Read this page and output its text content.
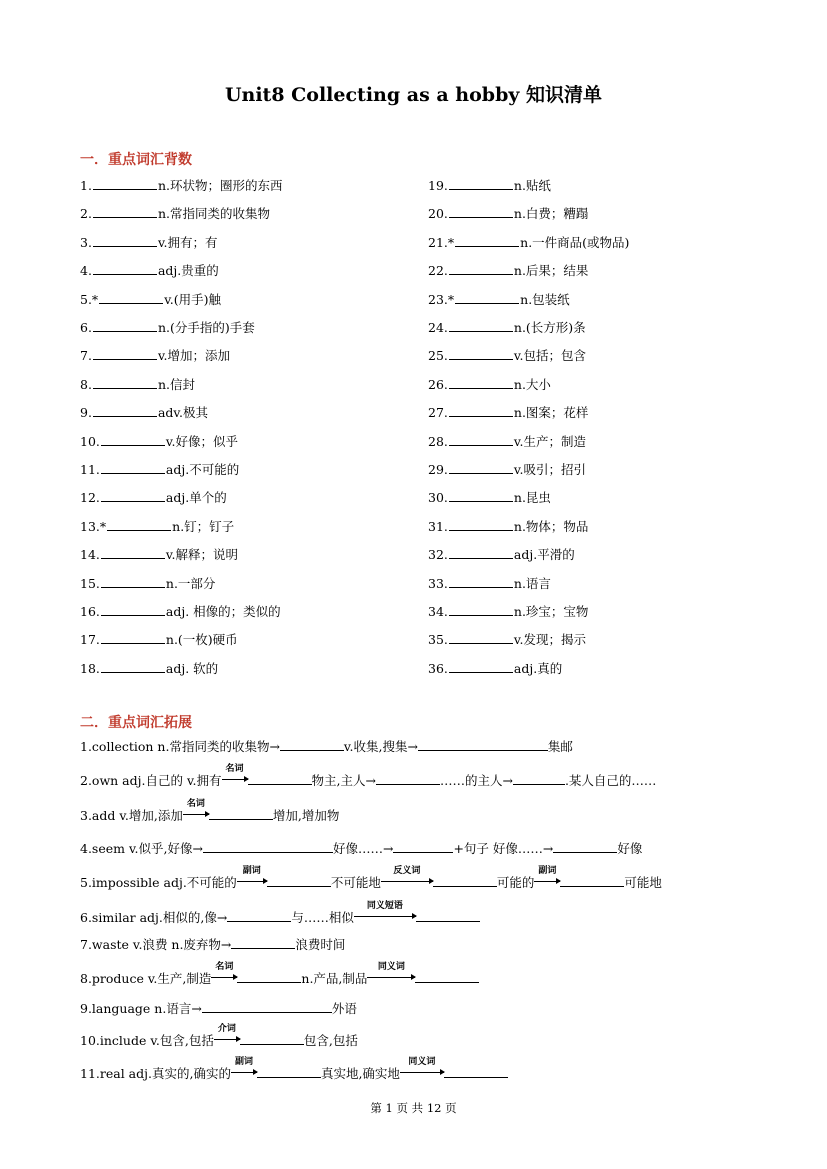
Unit8 Collecting as a hobby 知识清单
一．重点词汇背数
1.	n.环状物；圈形的东西
2.	n.常指同类的收集物
3.	v.拥有；有
4.	adj.贵重的
5.*	v.(用手)触
6.	n.(分手指的)手套
7.	v.增加；添加
8.	n.信封
9.	adv.极其
10.	v.好像；似乎
11.	adj.不可能的
12.	adj.单个的
13.*	n.钉；钉子
14.	v.解释；说明
15.	n.一部分
16.	adj. 相像的；类似的
17.	n.(一枚)硬币
18.	adj. 软的
19.	n.贴纸
20.	n.白费；糟蹋
21.*	n.一件商品(或物品)
22.	n.后果；结果
23.*	n.包装纸
24.	n.(长方形)条
25.	v.包括；包含
26.	n.大小
27.	n.图案；花样
28.	v.生产；制造
29.	v.吸引；招引
30.	n.昆虫
31.	n.物体；物品
32.	adj.平滑的
33.	n.语言
34.	n.珍宝；宝物
35.	v.发现；揭示
36.	adj.真的
二．重点词汇拓展
1.collection n.常指同类的收集物→	v.收集,搜集→	集邮
2.own adj.自己的 v.拥有
名词
物主,主人→	……的主人→	.某人自己的……
3.add v.增加,添加
名词
增加,增加物
4.seem v.似乎,好像→	好像……→	+句子 好像……→	好像
5.impossible adj.不可能的
副词
不可能地
反义词
可能的
副词
可能地
6.similar adj.相似的,像→	与……相似
同义短语
7.waste v.浪费 n.废弃物→	浪费时间
8.produce v.生产,制造
名词
n.产品,制品
同义词
9.language n.语言→	外语
10.include v.包含,包括
介词
包含,包括
11.real adj.真实的,确实的
副词
真实地,确实地
同义词
第 1 页 共 12 页
